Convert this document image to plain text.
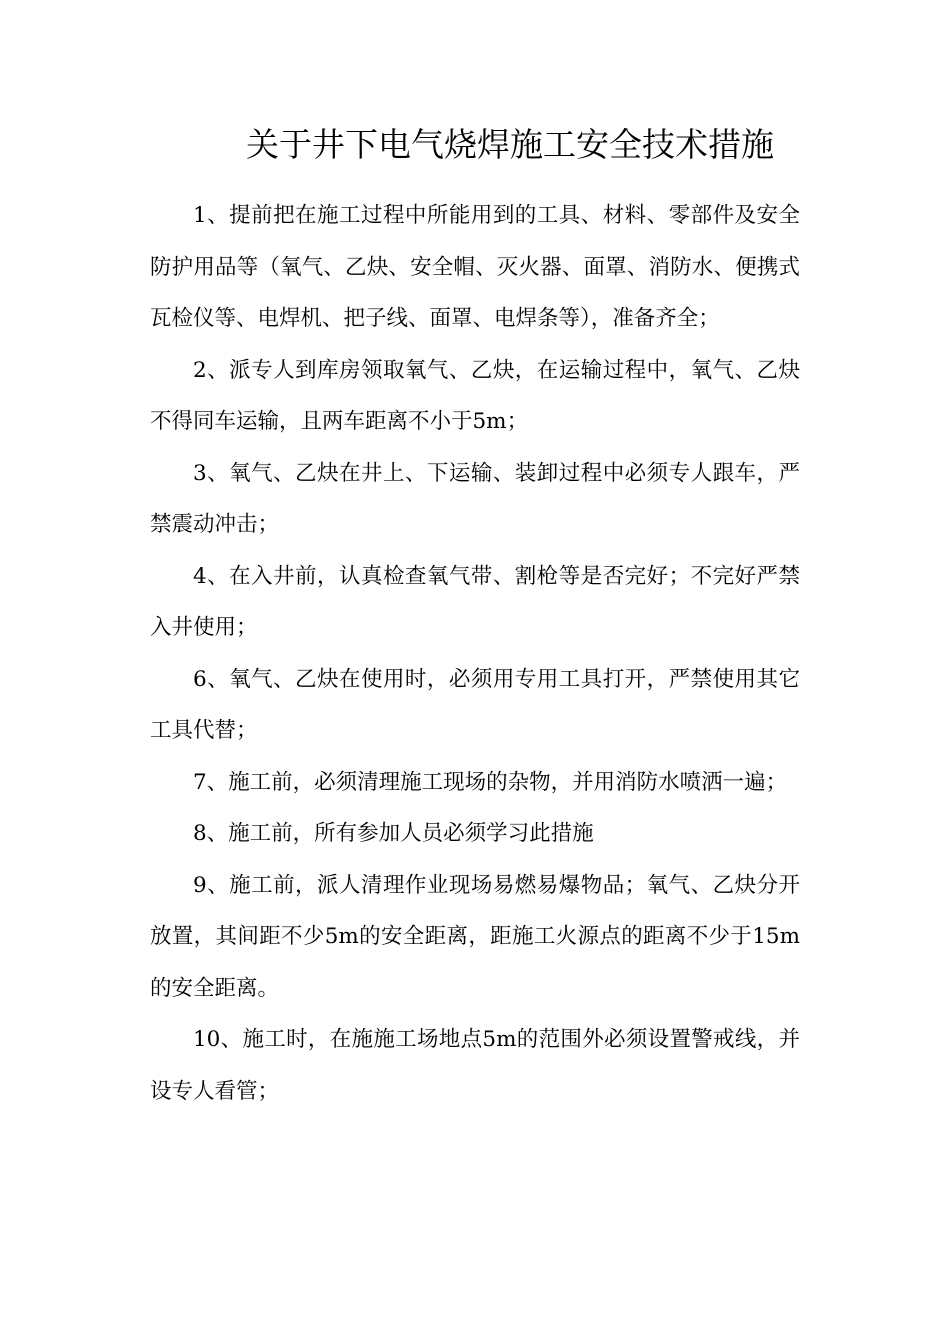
关于井下电气烧焊施工安全技术措施

1、提前把在施工过程中所能用到的工具、材料、零部件及安全防护用品等（氧气、乙炔、安全帽、灭火器、面罩、消防水、便携式瓦检仪等、电焊机、把子线、面罩、电焊条等），准备齐全；

2、派专人到库房领取氧气、乙炔，在运输过程中，氧气、乙炔不得同车运输，且两车距离不小于5m；

3、氧气、乙炔在井上、下运输、装卸过程中必须专人跟车，严禁震动冲击；

4、在入井前，认真检查氧气带、割枪等是否完好；不完好严禁入井使用；

6、氧气、乙炔在使用时，必须用专用工具打开，严禁使用其它工具代替；

7、施工前，必须清理施工现场的杂物，并用消防水喷洒一遍；

8、施工前，所有参加人员必须学习此措施

9、施工前，派人清理作业现场易燃易爆物品；氧气、乙炔分开放置，其间距不少5m的安全距离，距施工火源点的距离不少于15m的安全距离。

10、施工时，在施施工场地点5m的范围外必须设置警戒线，并设专人看管；
